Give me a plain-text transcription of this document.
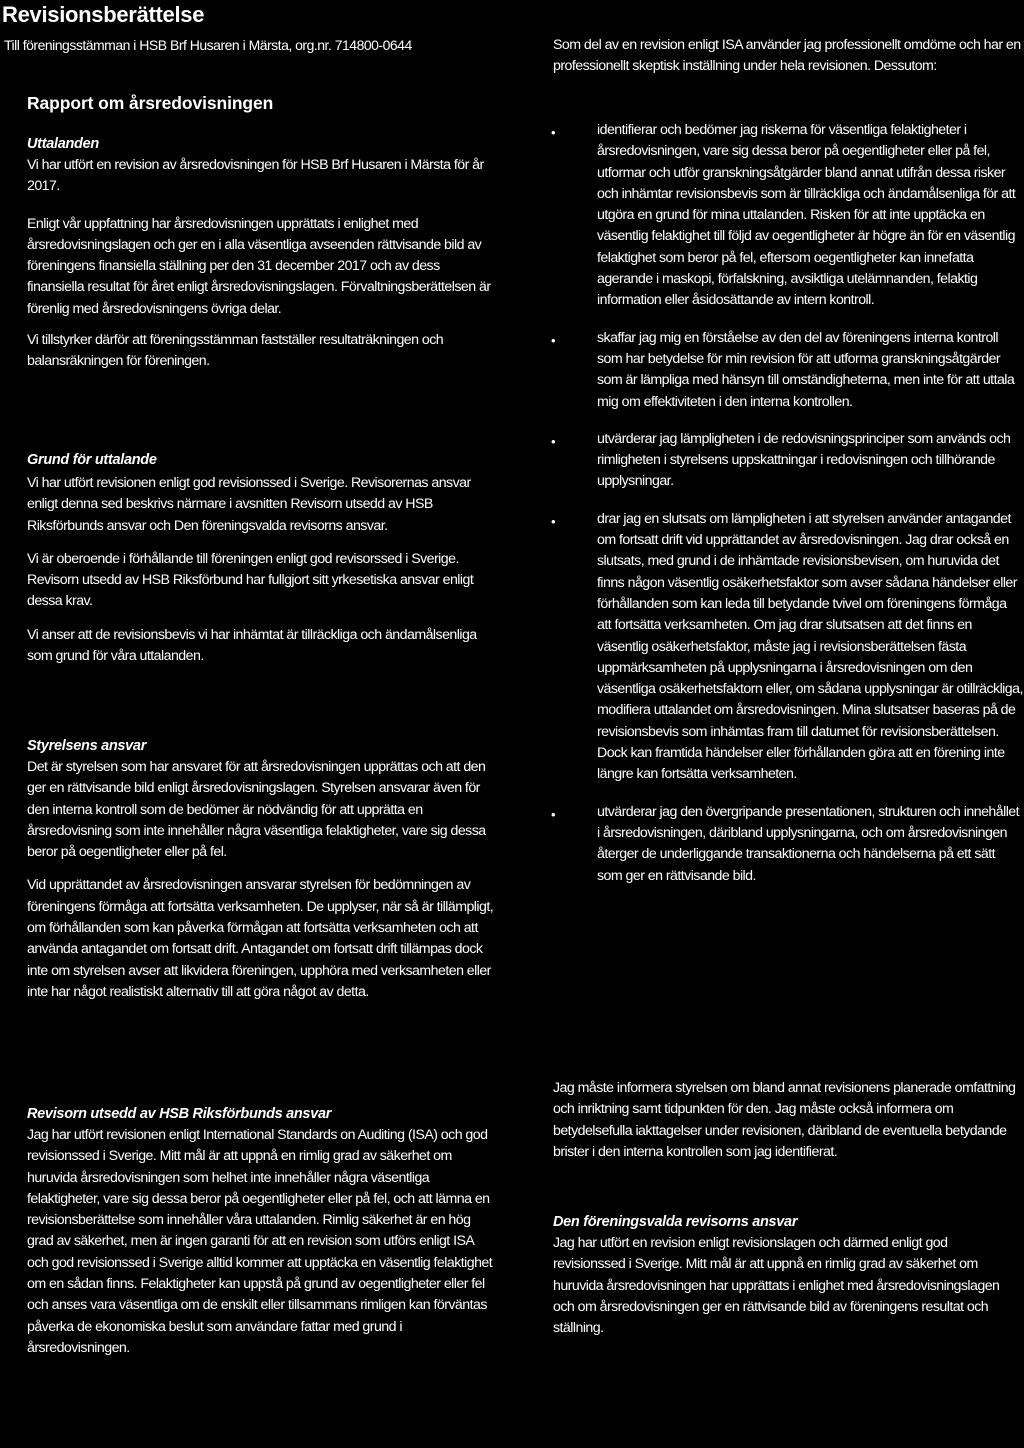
Revisionsberättelse
Till föreningsstämman i HSB Brf Husaren i Märsta, org.nr. 714800-0644
Rapport om årsredovisningen
Uttalanden

Vi har utfört en revision av årsredovisningen för HSB Brf Husaren i Märsta för år 2017.

Enligt vår uppfattning har årsredovisningen upprättats i enlighet med årsredovisningslagen och ger en i alla väsentliga avseenden rättvisande bild av föreningens finansiella ställning per den 31 december 2017 och av dess finansiella resultat för året enligt årsredovisningslagen. Förvaltningsberättelsen är förenlig med årsredovisningens övriga delar.

Vi tillstyrker därför att föreningsstämman fastställer resultaträkningen och balansräkningen för föreningen.

Grund för uttalande

Vi har utfört revisionen enligt god revisionssed i Sverige. Revisorernas ansvar enligt denna sed beskrivs närmare i avsnitten Revisorn utsedd av HSB Riksförbunds ansvar och Den föreningsvalda revisorns ansvar.

Vi är oberoende i förhållande till föreningen enligt god revisorssed i Sverige. Revisorn utsedd av HSB Riksförbund har fullgjort sitt yrkesetiska ansvar enligt dessa krav.

Vi anser att de revisionsbevis vi har inhämtat är tillräckliga och ändamålsenliga som grund för våra uttalanden.

Styrelsens ansvar

Det är styrelsen som har ansvaret för att årsredovisningen upprättas och att den ger en rättvisande bild enligt årsredovisningslagen. Styrelsen ansvarar även för den interna kontroll som de bedömer är nödvändig för att upprätta en årsredovisning som inte innehåller några väsentliga felaktigheter, vare sig dessa beror på oegentligheter eller på fel.

Vid upprättandet av årsredovisningen ansvarar styrelsen för bedömningen av föreningens förmåga att fortsätta verksamheten. De upplyser, när så är tillämpligt, om förhållanden som kan påverka förmågan att fortsätta verksamheten och att använda antagandet om fortsatt drift. Antagandet om fortsatt drift tillämpas dock inte om styrelsen avser att likvidera föreningen, upphöra med verksamheten eller inte har något realistiskt alternativ till att göra något av detta.

Revisorn utsedd av HSB Riksförbunds ansvar

Jag har utfört revisionen enligt International Standards on Auditing (ISA) och god revisionssed i Sverige. Mitt mål är att uppnå en rimlig grad av säkerhet om huruvida årsredovisningen som helhet inte innehåller några väsentliga felaktigheter, vare sig dessa beror på oegentligheter eller på fel, och att lämna en revisionsberättelse som innehåller våra uttalanden. Rimlig säkerhet är en hög grad av säkerhet, men är ingen garanti för att en revision som utförs enligt ISA och god revisionssed i Sverige alltid kommer att upptäcka en väsentlig felaktighet om en sådan finns. Felaktigheter kan uppstå på grund av oegentligheter eller fel och anses vara väsentliga om de enskilt eller tillsammans rimligen kan förväntas påverka de ekonomiska beslut som användare fattar med grund i årsredovisningen.

Som del av en revision enligt ISA använder jag professionellt omdöme och har en professionellt skeptisk inställning under hela revisionen. Dessutom:

•	identifierar och bedömer jag riskerna för väsentliga felaktigheter i årsredovisningen, vare sig dessa beror på oegentligheter eller på fel, utformar och utför granskningsåtgärder bland annat utifrån dessa risker och inhämtar revisionsbevis som är tillräckliga och ändamålsenliga för att utgöra en grund för mina uttalanden. Risken för att inte upptäcka en väsentlig felaktighet till följd av oegentligheter är högre än för en väsentlig felaktighet som beror på fel, eftersom oegentligheter kan innefatta agerande i maskopi, förfalskning, avsiktliga utelämnanden, felaktig information eller åsidosättande av intern kontroll.
•	skaffar jag mig en förståelse av den del av föreningens interna kontroll som har betydelse för min revision för att utforma granskningsåtgärder som är lämpliga med hänsyn till omständigheterna, men inte för att uttala mig om effektiviteten i den interna kontrollen.
•	utvärderar jag lämpligheten i de redovisningsprinciper som används och rimligheten i styrelsens uppskattningar i redovisningen och tillhörande upplysningar.
•	drar jag en slutsats om lämpligheten i att styrelsen använder antagandet om fortsatt drift vid upprättandet av årsredovisningen. Jag drar också en slutsats, med grund i de inhämtade revisionsbevisen, om huruvida det finns någon väsentlig osäkerhetsfaktor som avser sådana händelser eller förhållanden som kan leda till betydande tvivel om föreningens förmåga att fortsätta verksamheten. Om jag drar slutsatsen att det finns en väsentlig osäkerhetsfaktor, måste jag i revisionsberättelsen fästa uppmärksamheten på upplysningarna i årsredovisningen om den väsentliga osäkerhetsfaktorn eller, om sådana upplysningar är otillräckliga, modifiera uttalandet om årsredovisningen. Mina slutsatser baseras på de revisionsbevis som inhämtas fram till datumet för revisionsberättelsen. Dock kan framtida händelser eller förhållanden göra att en förening inte längre kan fortsätta verksamheten.
•	utvärderar jag den övergripande presentationen, strukturen och innehållet i årsredovisningen, däribland upplysningarna, och om årsredovisningen återger de underliggande transaktionerna och händelserna på ett sätt som ger en rättvisande bild.

Jag måste informera styrelsen om bland annat revisionens planerade omfattning och inriktning samt tidpunkten för den. Jag måste också informera om betydelsefulla iakttagelser under revisionen, däribland de eventuella betydande brister i den interna kontrollen som jag identifierat.

Den föreningsvalda revisorns ansvar

Jag har utfört en revision enligt revisionslagen och därmed enligt god revisionssed i Sverige. Mitt mål är att uppnå en rimlig grad av säkerhet om huruvida årsredovisningen har upprättats i enlighet med årsredovisningslagen och om årsredovisningen ger en rättvisande bild av föreningens resultat och ställning.
